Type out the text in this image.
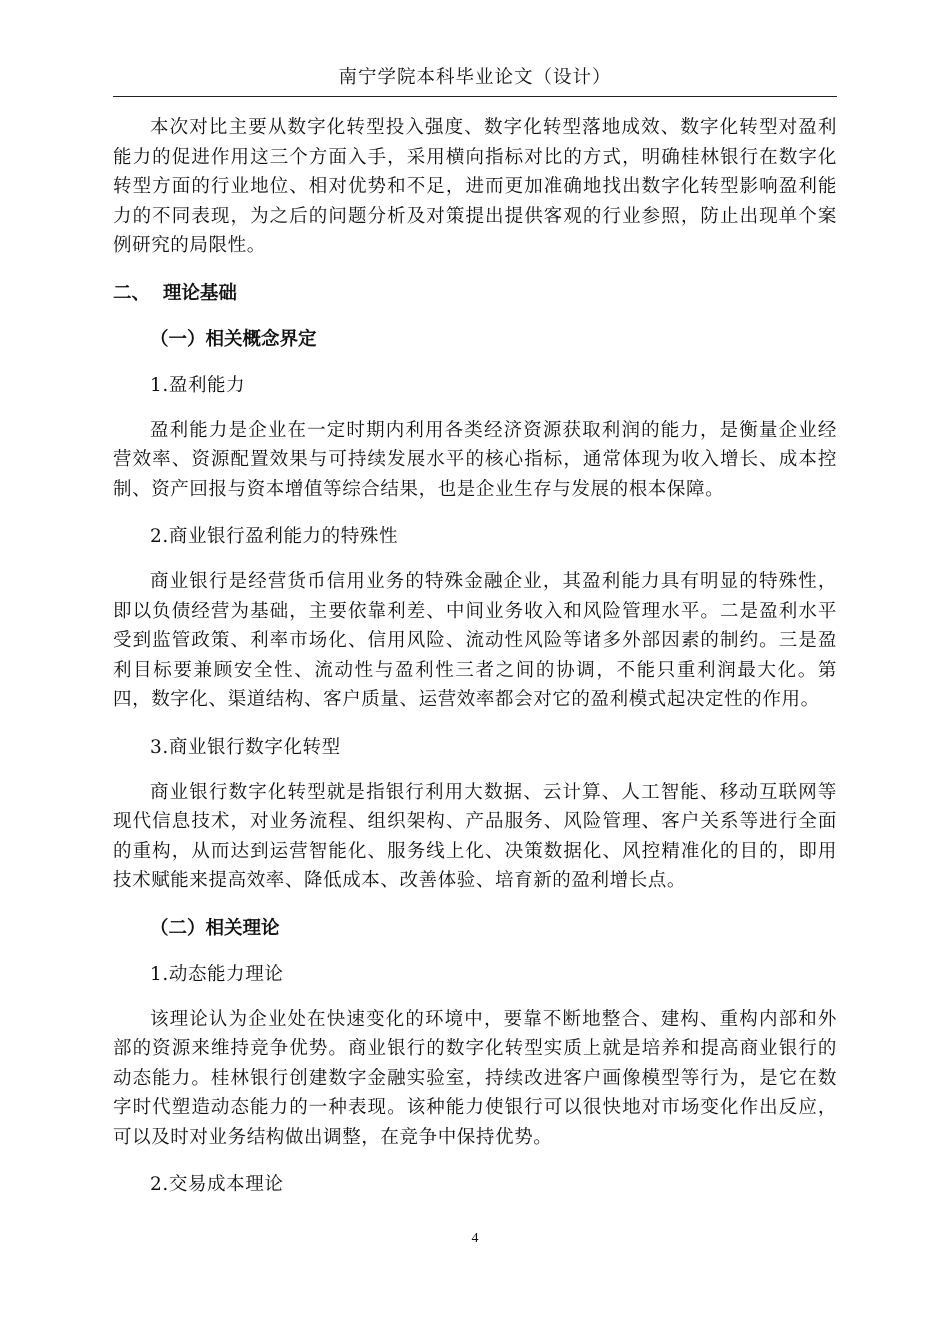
南宁学院本科毕业论文（设计）

本次对比主要从数字化转型投入强度、数字化转型落地成效、数字化转型对盈利能力的促进作用这三个方面入手，采用横向指标对比的方式，明确桂林银行在数字化转型方面的行业地位、相对优势和不足，进而更加准确地找出数字化转型影响盈利能力的不同表现，为之后的问题分析及对策提出提供客观的行业参照，防止出现单个案例研究的局限性。

二、  理论基础

（一）相关概念界定

1.盈利能力

盈利能力是企业在一定时期内利用各类经济资源获取利润的能力，是衡量企业经营效率、资源配置效果与可持续发展水平的核心指标，通常体现为收入增长、成本控制、资产回报与资本增值等综合结果，也是企业生存与发展的根本保障。

2.商业银行盈利能力的特殊性

商业银行是经营货币信用业务的特殊金融企业，其盈利能力具有明显的特殊性，即以负债经营为基础，主要依靠利差、中间业务收入和风险管理水平。二是盈利水平受到监管政策、利率市场化、信用风险、流动性风险等诸多外部因素的制约。三是盈利目标要兼顾安全性、流动性与盈利性三者之间的协调，不能只重利润最大化。第四，数字化、渠道结构、客户质量、运营效率都会对它的盈利模式起决定性的作用。

3.商业银行数字化转型

商业银行数字化转型就是指银行利用大数据、云计算、人工智能、移动互联网等现代信息技术，对业务流程、组织架构、产品服务、风险管理、客户关系等进行全面的重构，从而达到运营智能化、服务线上化、决策数据化、风控精准化的目的，即用技术赋能来提高效率、降低成本、改善体验、培育新的盈利增长点。

（二）相关理论

1.动态能力理论

该理论认为企业处在快速变化的环境中，要靠不断地整合、建构、重构内部和外部的资源来维持竞争优势。商业银行的数字化转型实质上就是培养和提高商业银行的动态能力。桂林银行创建数字金融实验室，持续改进客户画像模型等行为，是它在数字时代塑造动态能力的一种表现。该种能力使银行可以很快地对市场变化作出反应，可以及时对业务结构做出调整，在竞争中保持优势。

2.交易成本理论

4
